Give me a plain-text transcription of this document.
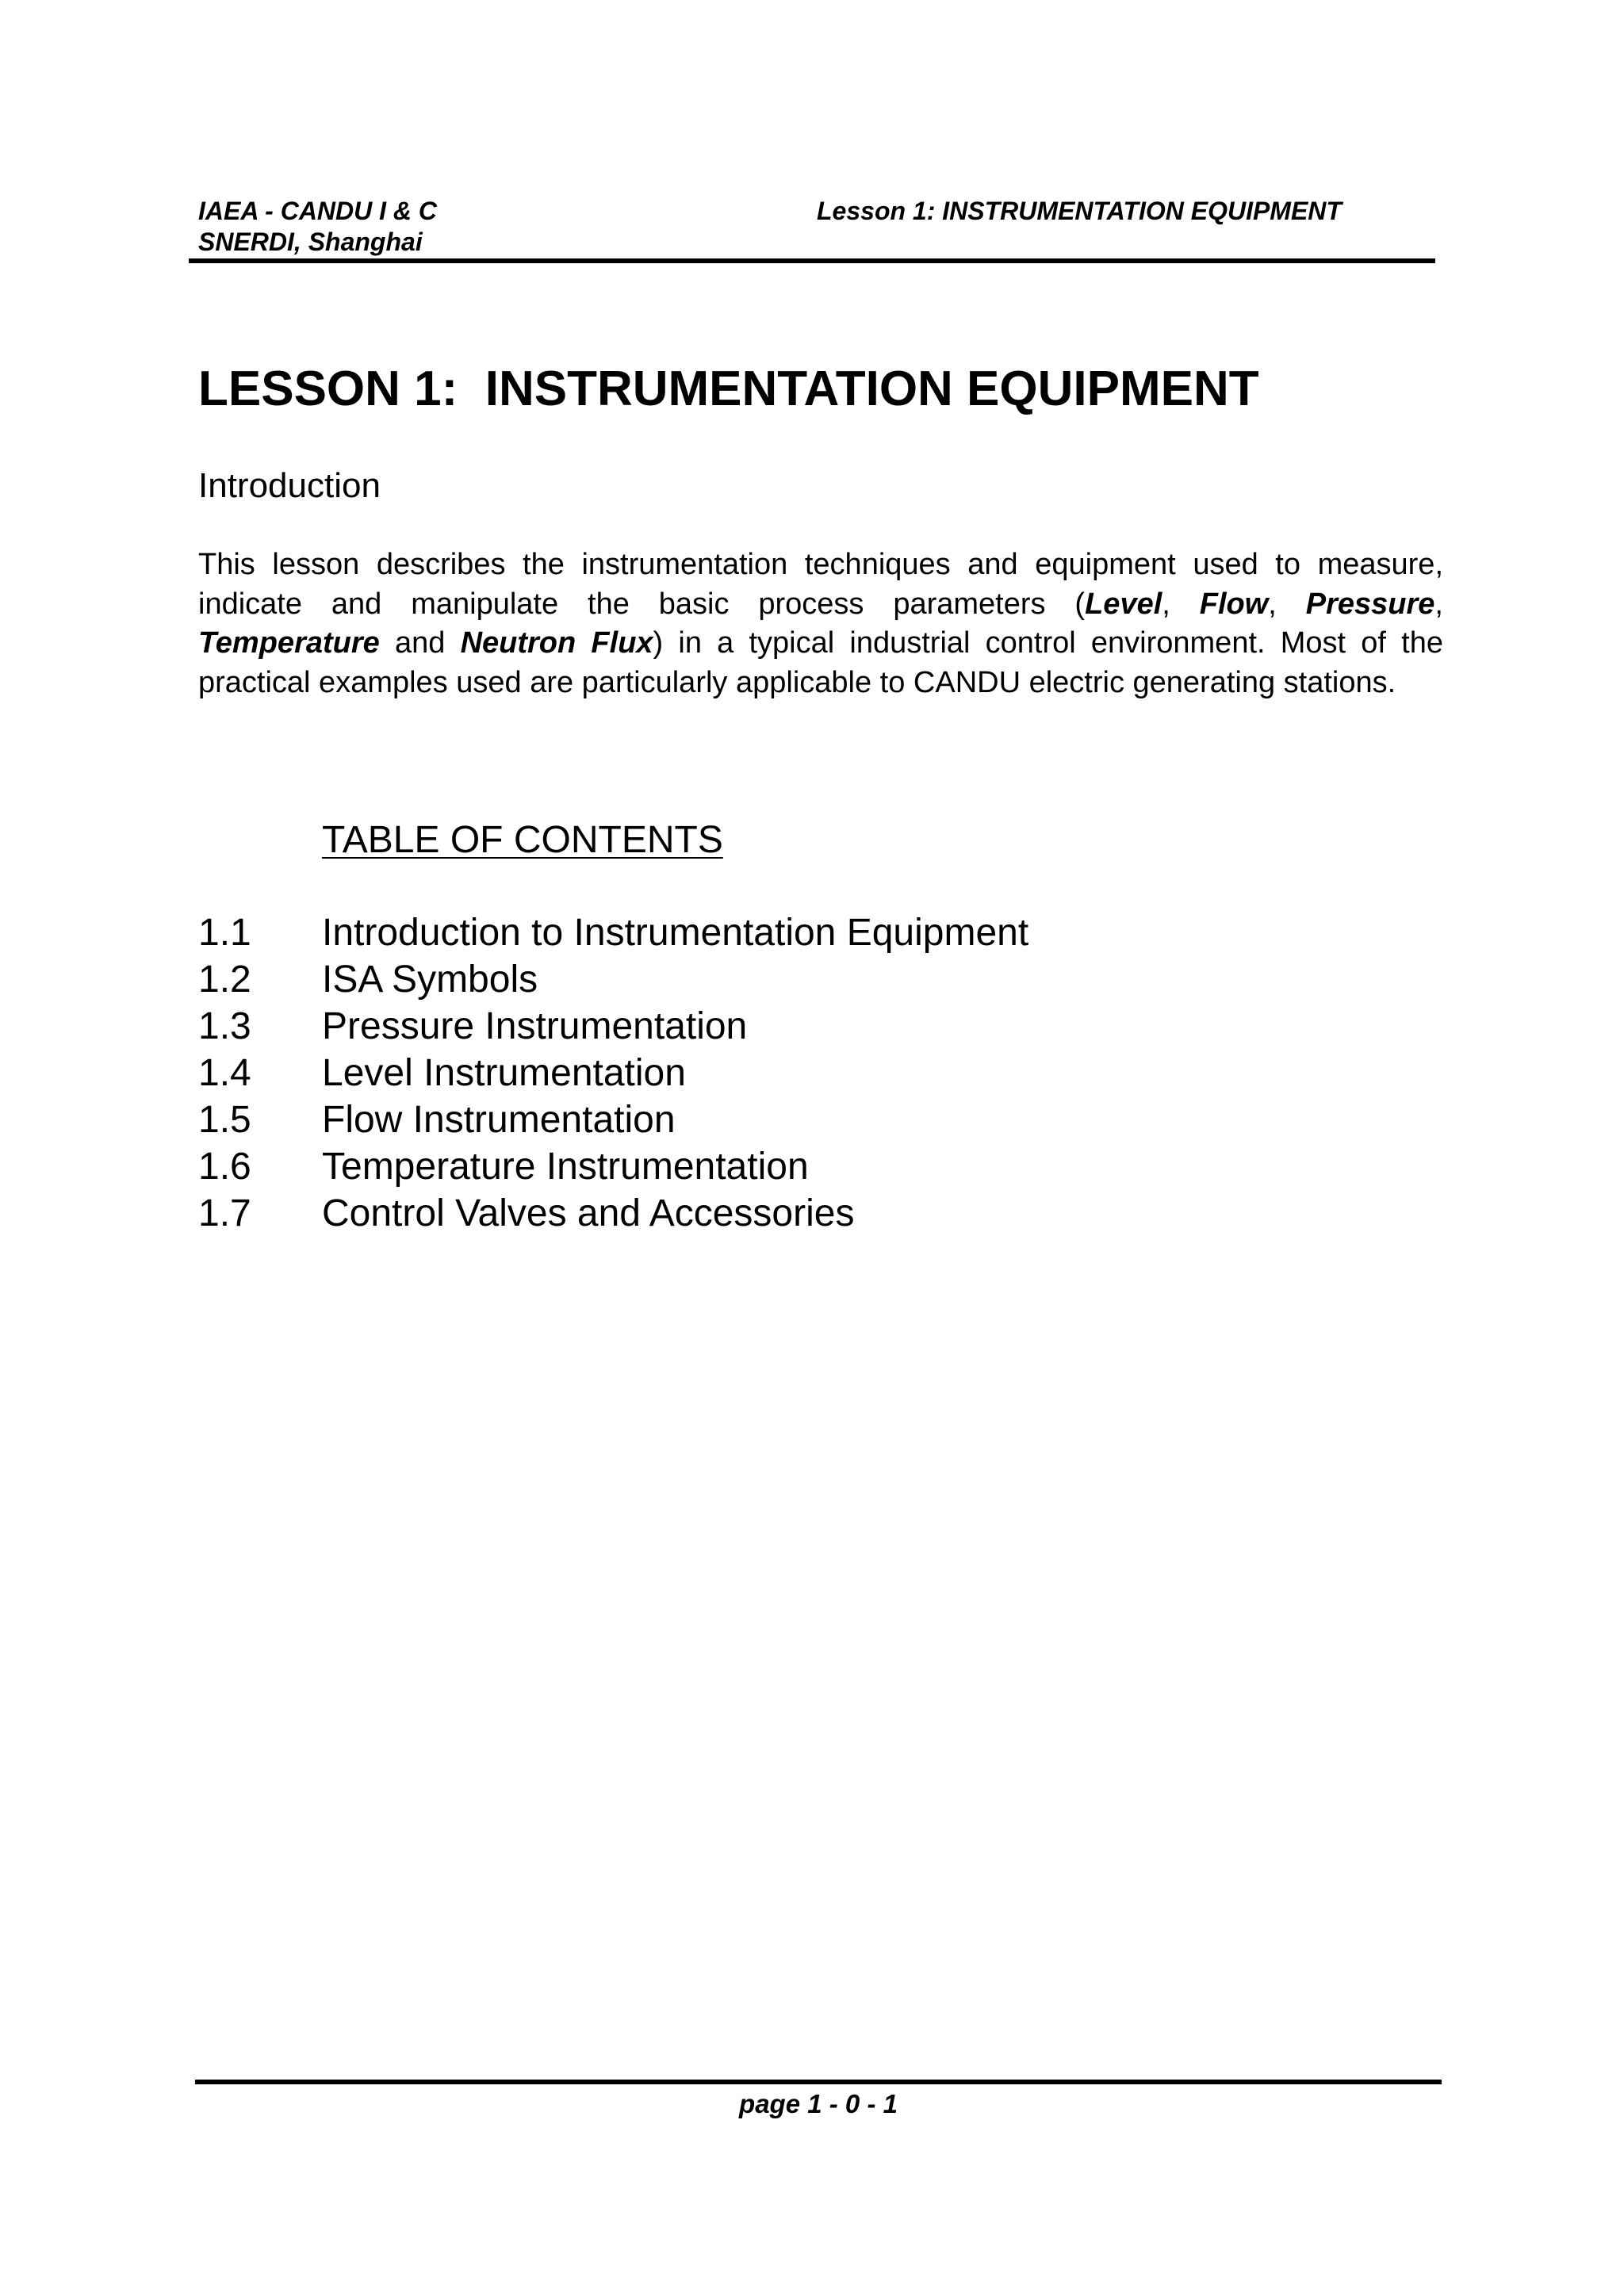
IAEA - CANDU I & C
SNERDI, Shanghai
Lesson 1: INSTRUMENTATION EQUIPMENT
LESSON 1:  INSTRUMENTATION EQUIPMENT
Introduction
This lesson describes the instrumentation techniques and equipment used to measure, indicate and manipulate the basic process parameters (Level, Flow, Pressure, Temperature and Neutron Flux) in a typical industrial control environment. Most of the practical examples used are particularly applicable to CANDU electric generating stations.
TABLE OF CONTENTS
1.1	Introduction to Instrumentation Equipment
1.2	ISA Symbols
1.3	Pressure Instrumentation
1.4	Level Instrumentation
1.5	Flow Instrumentation
1.6	Temperature Instrumentation
1.7	Control Valves and Accessories
page 1 - 0 - 1
